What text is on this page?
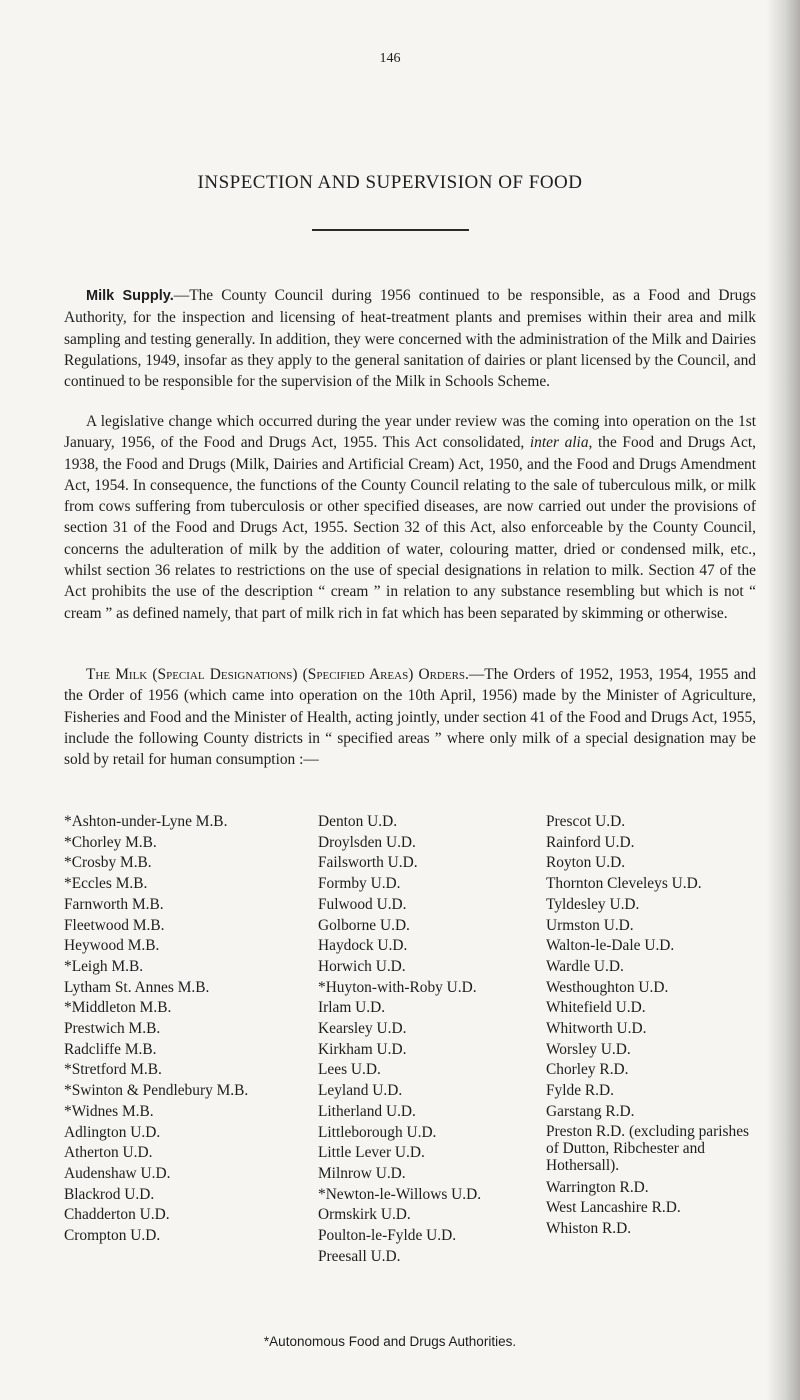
146
INSPECTION AND SUPERVISION OF FOOD
Milk Supply.—The County Council during 1956 continued to be responsible, as a Food and Drugs Authority, for the inspection and licensing of heat-treatment plants and premises within their area and milk sampling and testing generally. In addition, they were concerned with the administration of the Milk and Dairies Regulations, 1949, insofar as they apply to the general sanitation of dairies or plant licensed by the Council, and continued to be responsible for the supervision of the Milk in Schools Scheme.
A legislative change which occurred during the year under review was the coming into operation on the 1st January, 1956, of the Food and Drugs Act, 1955. This Act consolidated, inter alia, the Food and Drugs Act, 1938, the Food and Drugs (Milk, Dairies and Artificial Cream) Act, 1950, and the Food and Drugs Amendment Act, 1954. In consequence, the functions of the County Council relating to the sale of tuberculous milk, or milk from cows suffering from tuberculosis or other specified diseases, are now carried out under the provisions of section 31 of the Food and Drugs Act, 1955. Section 32 of this Act, also enforceable by the County Council, concerns the adulteration of milk by the addition of water, colouring matter, dried or condensed milk, etc., whilst section 36 relates to restrictions on the use of special designations in relation to milk. Section 47 of the Act prohibits the use of the description “ cream ” in relation to any substance resembling but which is not “ cream ” as defined namely, that part of milk rich in fat which has been separated by skimming or otherwise.
The Milk (Special Designations) (Specified Areas) Orders.—The Orders of 1952, 1953, 1954, 1955 and the Order of 1956 (which came into operation on the 10th April, 1956) made by the Minister of Agriculture, Fisheries and Food and the Minister of Health, acting jointly, under section 41 of the Food and Drugs Act, 1955, include the following County districts in “ specified areas ” where only milk of a special designation may be sold by retail for human consumption :—
*Ashton-under-Lyne M.B.
*Chorley M.B.
*Crosby M.B.
*Eccles M.B.
Farnworth M.B.
Fleetwood M.B.
Heywood M.B.
*Leigh M.B.
Lytham St. Annes M.B.
*Middleton M.B.
Prestwich M.B.
Radcliffe M.B.
*Stretford M.B.
*Swinton & Pendlebury M.B.
*Widnes M.B.
Adlington U.D.
Atherton U.D.
Audenshaw U.D.
Blackrod U.D.
Chadderton U.D.
Crompton U.D.
Denton U.D.
Droylsden U.D.
Failsworth U.D.
Formby U.D.
Fulwood U.D.
Golborne U.D.
Haydock U.D.
Horwich U.D.
*Huyton-with-Roby U.D.
Irlam U.D.
Kearsley U.D.
Kirkham U.D.
Lees U.D.
Leyland U.D.
Litherland U.D.
Littleborough U.D.
Little Lever U.D.
Milnrow U.D.
*Newton-le-Willows U.D.
Ormskirk U.D.
Poulton-le-Fylde U.D.
Preesall U.D.
Prescot U.D.
Rainford U.D.
Royton U.D.
Thornton Cleveleys U.D.
Tyldesley U.D.
Urmston U.D.
Walton-le-Dale U.D.
Wardle U.D.
Westhoughton U.D.
Whitefield U.D.
Whitworth U.D.
Worsley U.D.
Chorley R.D.
Fylde R.D.
Garstang R.D.
Preston R.D. (excluding parishes of Dutton, Ribchester and Hothersall).
Warrington R.D.
West Lancashire R.D.
Whiston R.D.
*Autonomous Food and Drugs Authorities.
